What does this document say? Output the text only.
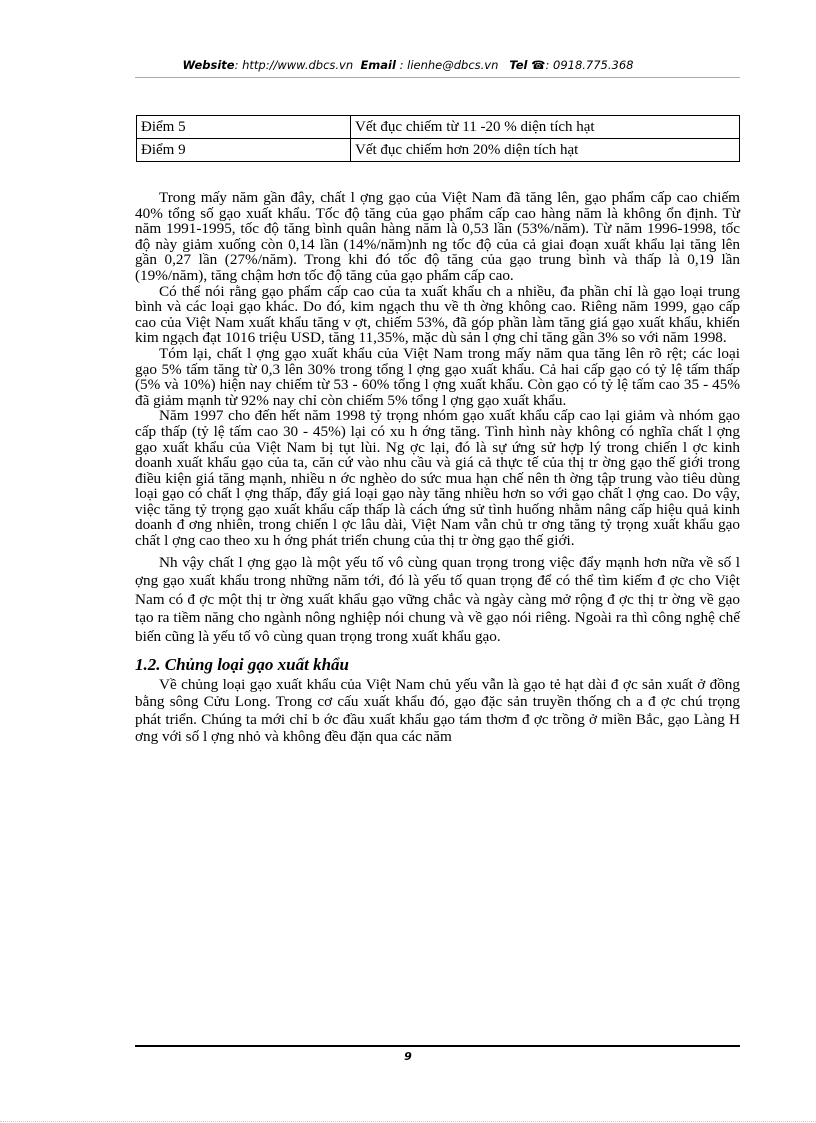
Website: http://www.dbcs.vn Email : lienhe@dbcs.vn Tel ☎: 0918.775.368
Điểm 5	Vết đục chiếm từ 11 -20 % diện tích hạt
Điểm 9	Vết đục chiếm hơn 20% diện tích hạt

Trong mấy năm gần đây, chất l ợng gạo của Việt Nam đã tăng lên, gạo phẩm cấp cao chiếm 40% tổng số gạo xuất khẩu. Tốc độ tăng của gạo phẩm cấp cao hàng năm là không ổn định. Từ năm 1991-1995, tốc độ tăng bình quân hàng năm là 0,53 lần (53%/năm). Từ năm 1996-1998, tốc độ này giảm xuống còn 0,14 lần (14%/năm)nh ng tốc độ của cả giai đoạn xuất khẩu lại tăng lên gần 0,27 lần (27%/năm). Trong khi đó tốc độ tăng của gạo trung bình và thấp là 0,19 lần (19%/năm), tăng chậm hơn tốc độ tăng của gạo phẩm cấp cao.

Có thể nói rằng gạo phẩm cấp cao của ta xuất khẩu ch a nhiều, đa phần chỉ là gạo loại trung bình và các loại gạo khác. Do đó, kim ngạch thu về th ờng không cao. Riêng năm 1999, gạo cấp cao của Việt Nam xuất khẩu tăng v ợt, chiếm 53%, đã góp phần làm tăng giá gạo xuất khẩu, khiến kim ngạch đạt 1016 triệu USD, tăng 11,35%, mặc dù sản l ợng chỉ tăng gần 3% so với năm 1998.

Tóm lại, chất l ợng gạo xuất khẩu của Việt Nam trong mấy năm qua tăng lên rõ rệt; các loại gạo 5% tấm tăng từ 0,3 lên 30% trong tổng l ợng gạo xuất khẩu. Cả hai cấp gạo có tỷ lệ tấm thấp (5% và 10%) hiện nay chiếm từ 53 - 60% tổng l ợng xuất khẩu. Còn gạo có tỷ lệ tấm cao 35 - 45% đã giảm mạnh từ 92% nay chỉ còn chiếm 5% tổng l ợng gạo xuất khẩu.

Năm 1997 cho đến hết năm 1998 tỷ trọng nhóm gạo xuất khẩu cấp cao lại giảm và nhóm gạo cấp thấp (tỷ lệ tấm cao 30 - 45%) lại có xu h ớng tăng. Tình hình này không có nghĩa chất l ợng gạo xuất khẩu của Việt Nam bị tụt lùi. Ng ợc lại, đó là sự ứng sử hợp lý trong chiến l ợc kinh doanh xuất khẩu gạo của ta, căn cứ vào nhu cầu và giá cả thực tế của thị tr ờng gạo thế giới trong điều kiện giá tăng mạnh, nhiều n ớc nghèo do sức mua hạn chế nên th ờng tập trung vào tiêu dùng loại gạo có chất l ợng thấp, đẩy giá loại gạo này tăng nhiều hơn so với gạo chất l ợng cao. Do vậy, việc tăng tỷ trọng gạo xuất khẩu cấp thấp là cách ứng sử tình huống nhằm nâng cấp hiệu quả kinh doanh đ ơng nhiên, trong chiến l ợc lâu dài, Việt Nam vẫn chủ tr ơng tăng tỷ trọng xuất khẩu gạo chất l ợng cao theo xu h ớng phát triển chung của thị tr ờng gạo thế giới.

Nh vậy chất l ợng gạo là một yếu tố vô cùng quan trọng trong việc đẩy mạnh hơn nữa về số l ợng gạo xuất khẩu trong những năm tới, đó là yếu tố quan trọng để có thể tìm kiếm đ ợc cho Việt Nam có đ ợc một thị tr ờng xuất khẩu gạo vững chắc và ngày càng mở rộng đ ợc thị tr ờng về gạo tạo ra tiềm năng cho ngành nông nghiệp nói chung và về gạo nói riêng. Ngoài ra thì công nghệ chế biến cũng là yếu tố vô cùng quan trọng trong xuất khẩu gạo.

1.2. Chủng loại gạo xuất khẩu

Về chủng loại gạo xuất khẩu của Việt Nam chủ yếu vẫn là gạo tẻ hạt dài đ ợc sản xuất ở đồng bằng sông Cửu Long. Trong cơ cấu xuất khẩu đó, gạo đặc sản truyền thống ch a đ ợc chú trọng phát triển. Chúng ta mới chỉ b ớc đầu xuất khẩu gạo tám thơm đ ợc trồng ở miền Bắc, gạo Làng H ơng với số l ợng nhỏ và không đều đặn qua các năm

9
